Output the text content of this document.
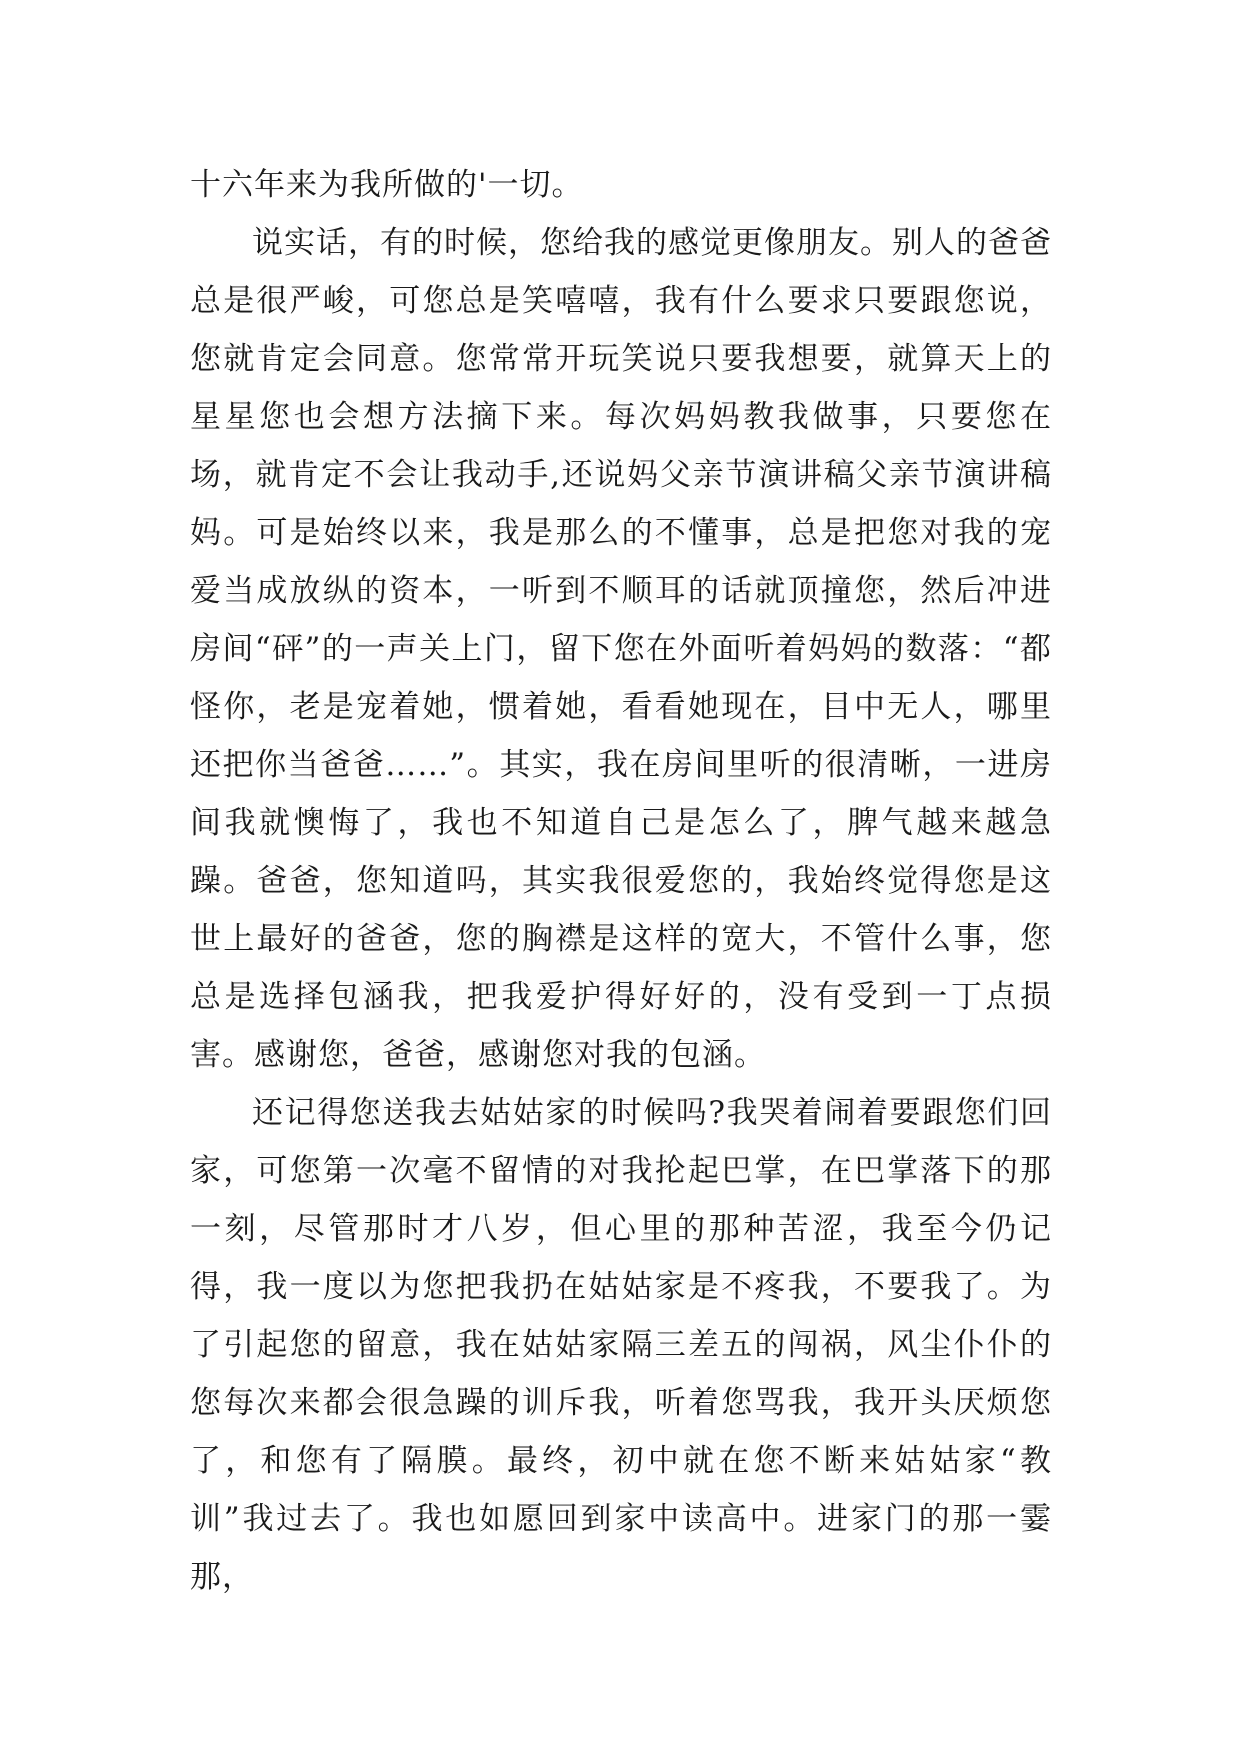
十六年来为我所做的'一切。

说实话，有的时候，您给我的感觉更像朋友。别人的爸爸总是很严峻，可您总是笑嘻嘻，我有什么要求只要跟您说，您就肯定会同意。您常常开玩笑说只要我想要，就算天上的星星您也会想方法摘下来。每次妈妈教我做事，只要您在场，就肯定不会让我动手,还说妈父亲节演讲稿父亲节演讲稿妈。可是始终以来，我是那么的不懂事，总是把您对我的宠爱当成放纵的资本，一听到不顺耳的话就顶撞您，然后冲进房间“砰”的一声关上门，留下您在外面听着妈妈的数落：“都怪你，老是宠着她，惯着她，看看她现在，目中无人，哪里还把你当爸爸……”。其实，我在房间里听的很清晰，一进房间我就懊悔了，我也不知道自己是怎么了，脾气越来越急躁。爸爸，您知道吗，其实我很爱您的，我始终觉得您是这世上最好的爸爸，您的胸襟是这样的宽大，不管什么事，您总是选择包涵我，把我爱护得好好的，没有受到一丁点损害。感谢您，爸爸，感谢您对我的包涵。

还记得您送我去姑姑家的时候吗?我哭着闹着要跟您们回家，可您第一次毫不留情的对我抡起巴掌，在巴掌落下的那一刻，尽管那时才八岁，但心里的那种苦涩，我至今仍记得，我一度以为您把我扔在姑姑家是不疼我，不要我了。为了引起您的留意，我在姑姑家隔三差五的闯祸，风尘仆仆的您每次来都会很急躁的训斥我，听着您骂我，我开头厌烦您了，和您有了隔膜。最终，初中就在您不断来姑姑家“教训”我过去了。我也如愿回到家中读高中。进家门的那一霎那，
